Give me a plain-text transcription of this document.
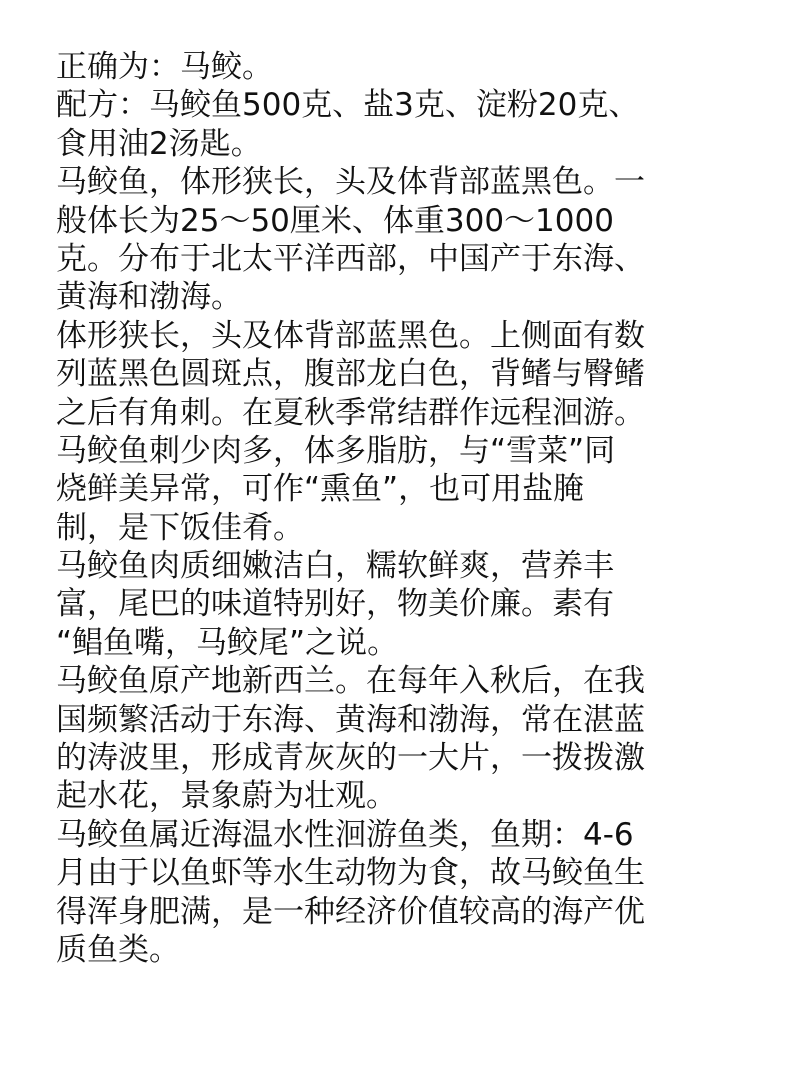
正确为：马鲛。
配方：马鲛鱼500克、盐3克、淀粉20克、
食用油2汤匙。
马鲛鱼，体形狭长，头及体背部蓝黑色。一
般体长为25～50厘米、体重300～1000
克。分布于北太平洋西部，中国产于东海、
黄海和渤海。
体形狭长，头及体背部蓝黑色。上侧面有数
列蓝黑色圆斑点，腹部龙白色，背鳍与臀鳍
之后有角刺。在夏秋季常结群作远程洄游。
马鲛鱼刺少肉多，体多脂肪，与“雪菜”同
烧鲜美异常，可作“熏鱼”，也可用盐腌
制，是下饭佳肴。
马鲛鱼肉质细嫩洁白，糯软鲜爽，营养丰
富，尾巴的味道特别好，物美价廉。素有
“鲳鱼嘴，马鲛尾”之说。
马鲛鱼原产地新西兰。在每年入秋后，在我
国频繁活动于东海、黄海和渤海，常在湛蓝
的涛波里，形成青灰灰的一大片，一拨拨激
起水花，景象蔚为壮观。
马鲛鱼属近海温水性洄游鱼类，鱼期：4-6
月由于以鱼虾等水生动物为食，故马鲛鱼生
得浑身肥满，是一种经济价值较高的海产优
质鱼类。
